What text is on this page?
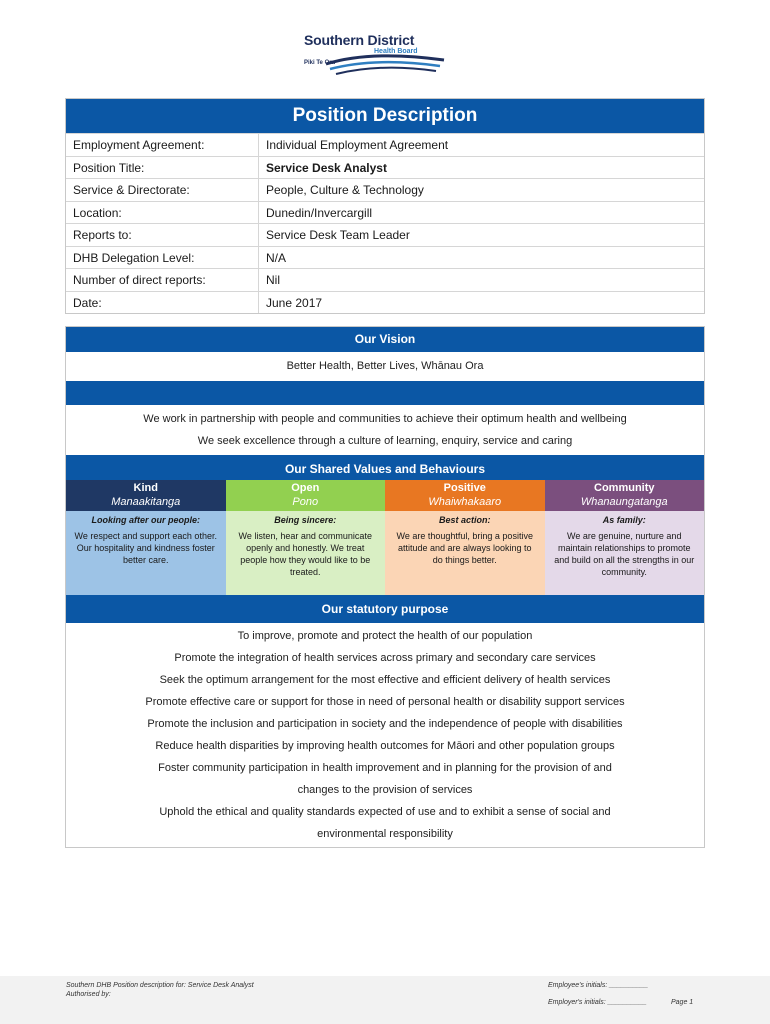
Southern District
Health Board
Piki Te Ora
Position Description
Employment Agreement:	Individual Employment Agreement
Position Title:	Service Desk Analyst
Service & Directorate:	People, Culture & Technology
Location:	Dunedin/Invercargill
Reports to:	Service Desk Team Leader
DHB Delegation Level:	N/A
Number of direct reports:	Nil
Date:	June 2017
Our Vision
Better Health, Better Lives, Whānau Ora
We work in partnership with people and communities to achieve their optimum health and wellbeing
We seek excellence through a culture of learning, enquiry, service and caring
Our Shared Values and Behaviours
Kind
Manaakitanga
Looking after our people:
We respect and support each other. Our hospitality and kindness foster better care.
Open
Pono
Being sincere:
We listen, hear and communicate openly and honestly. We treat people how they would like to be treated.
Positive
Whaiwhakaaro
Best action:
We are thoughtful, bring a positive attitude and are always looking to do things better.
Community
Whanaungatanga
As family:
We are genuine, nurture and maintain relationships to promote and build on all the strengths in our community.
Our statutory purpose
To improve, promote and protect the health of our population
Promote the integration of health services across primary and secondary care services
Seek the optimum arrangement for the most effective and efficient delivery of health services
Promote effective care or support for those in need of personal health or disability support services
Promote the inclusion and participation in society and the independence of people with disabilities
Reduce health disparities by improving health outcomes for Māori and other population groups
Foster community participation in health improvement and in planning for the provision of and
changes to the provision of services
Uphold the ethical and quality standards expected of use and to exhibit a sense of social and
environmental responsibility
Southern DHB Position description for: Service Desk Analyst
Authorised by:
Employee's initials: __________
Employer's initials: __________	Page 1
